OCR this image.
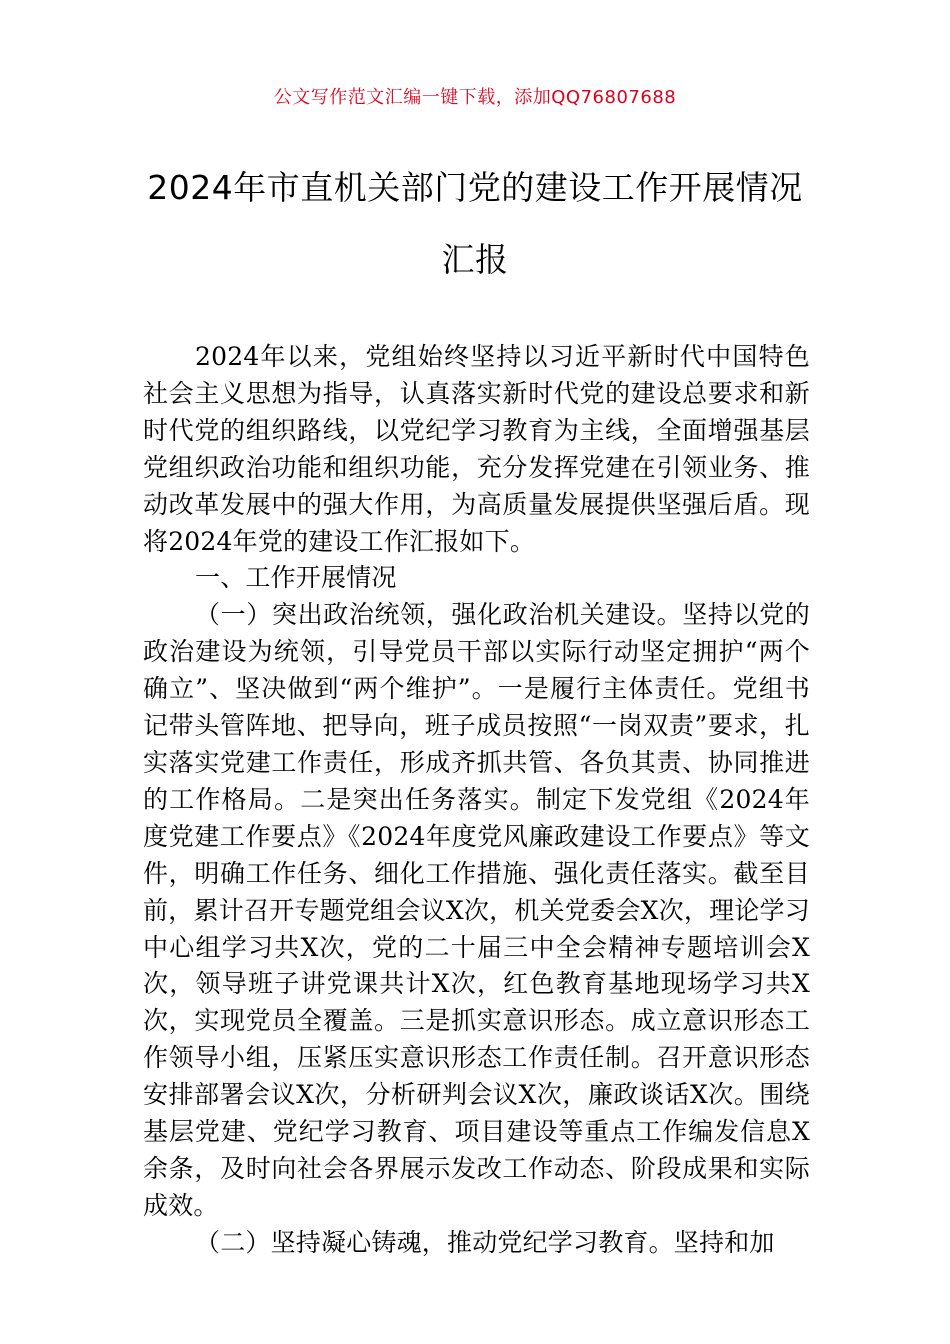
公文写作范文汇编一键下载，添加QQ76807688
2024年市直机关部门党的建设工作开展情况汇报

2024年以来，党组始终坚持以习近平新时代中国特色社会主义思想为指导，认真落实新时代党的建设总要求和新时代党的组织路线，以党纪学习教育为主线，全面增强基层党组织政治功能和组织功能，充分发挥党建在引领业务、推动改革发展中的强大作用，为高质量发展提供坚强后盾。现将2024年党的建设工作汇报如下。

一、工作开展情况

（一）突出政治统领，强化政治机关建设。坚持以党的政治建设为统领，引导党员干部以实际行动坚定拥护“两个确立”、坚决做到“两个维护”。一是履行主体责任。党组书记带头管阵地、把导向，班子成员按照“一岗双责”要求，扎实落实党建工作责任，形成齐抓共管、各负其责、协同推进的工作格局。二是突出任务落实。制定下发党组《2024年度党建工作要点》《2024年度党风廉政建设工作要点》等文件，明确工作任务、细化工作措施、强化责任落实。截至目前，累计召开专题党组会议X次，机关党委会X次，理论学习中心组学习共X次，党的二十届三中全会精神专题培训会X次，领导班子讲党课共计X次，红色教育基地现场学习共X次，实现党员全覆盖。三是抓实意识形态。成立意识形态工作领导小组，压紧压实意识形态工作责任制。召开意识形态安排部署会议X次，分析研判会议X次，廉政谈话X次。围绕基层党建、党纪学习教育、项目建设等重点工作编发信息X余条，及时向社会各界展示发改工作动态、阶段成果和实际成效。

（二）坚持凝心铸魂，推动党纪学习教育。坚持和加
